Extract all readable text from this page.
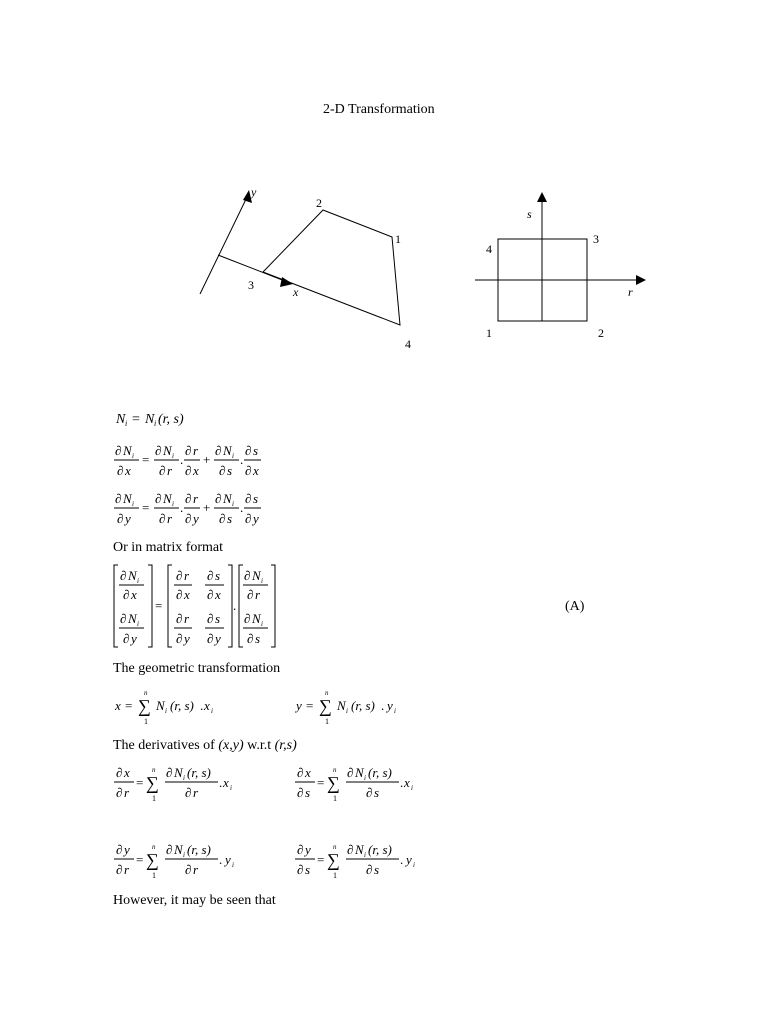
2-D Transformation
y
x
1
2
3
4
s
r
3
4
1	2
N i = N i (r, s)
∂ N i
∂ x
=
∂ N i
∂ r
.
∂ r
∂ x
+
∂ N i
∂ s
.
∂ s
∂ x
∂ N i
∂ y
=
∂ N i
∂ r
.
∂ r
∂ y
+
∂ N i
∂ s
.
∂ s
∂ y
Or in matrix format
∂ N i
∂ x
∂ N i
∂ y
=
∂ r
∂ x
∂ s
∂ x
∂ r
∂ y
∂ s
∂ y
.
∂ N i
∂ r
∂ N i
∂ s
(A)
The geometric transformation
x =
n
∑
1
N i (r, s) . x i	y =
n
∑
1
N i (r, s) . y i
The derivatives of (x,y) w.r.t (r,s)
∂ x
∂ r
=
n
∑
1
∂ N i (r, s)
∂ r
. x i
∂ x
∂ s
=
n
∑
1
∂ N i (r, s)
∂ s
. x i
∂ y
∂ r
=
n
∑
1
∂ N i (r, s)
∂ r
. y i
∂ y
∂ s
=
n
∑
1
∂ N i (r, s)
∂ s
. y i
However, it may be seen that
